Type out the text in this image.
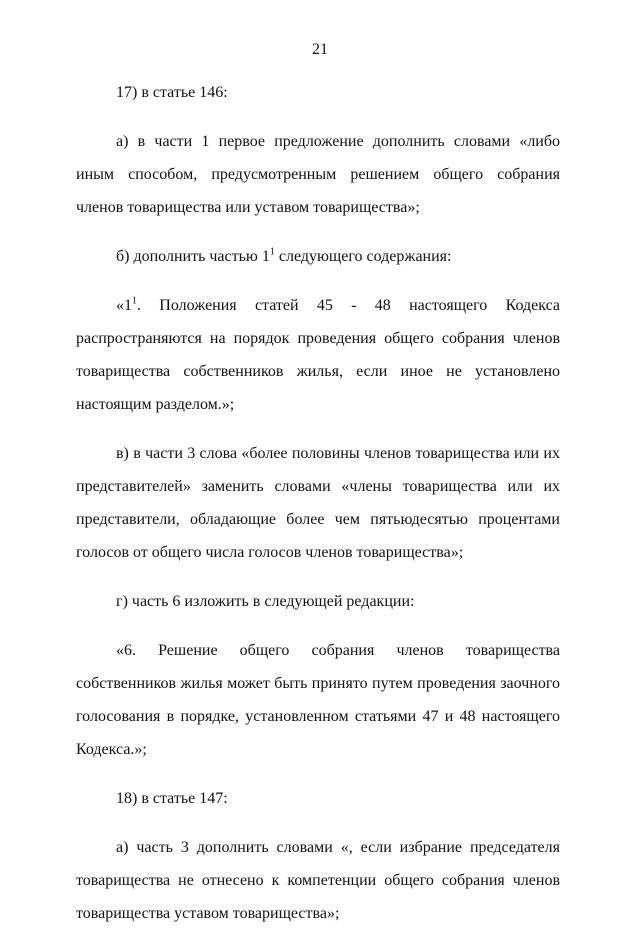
21

17) в статье 146:

а) в части 1 первое предложение дополнить словами «либо иным способом, предусмотренным решением общего собрания членов товарищества или уставом товарищества»;

б) дополнить частью $1^1$ следующего содержания:

«$1^1$. Положения статей 45 - 48 настоящего Кодекса распространяются на порядок проведения общего собрания членов товарищества собственников жилья, если иное не установлено настоящим разделом.»;

в) в части 3 слова «более половины членов товарищества или их представителей» заменить словами «члены товарищества или их представители, обладающие более чем пятьюдесятью процентами голосов от общего числа голосов членов товарищества»;

г) часть 6 изложить в следующей редакции:

«6. Решение общего собрания членов товарищества собственников жилья может быть принято путем проведения заочного голосования в порядке, установленном статьями 47 и 48 настоящего Кодекса.»;

18) в статье 147:

а) часть 3 дополнить словами «, если избрание председателя товарищества не отнесено к компетенции общего собрания членов товарищества уставом товарищества»;
